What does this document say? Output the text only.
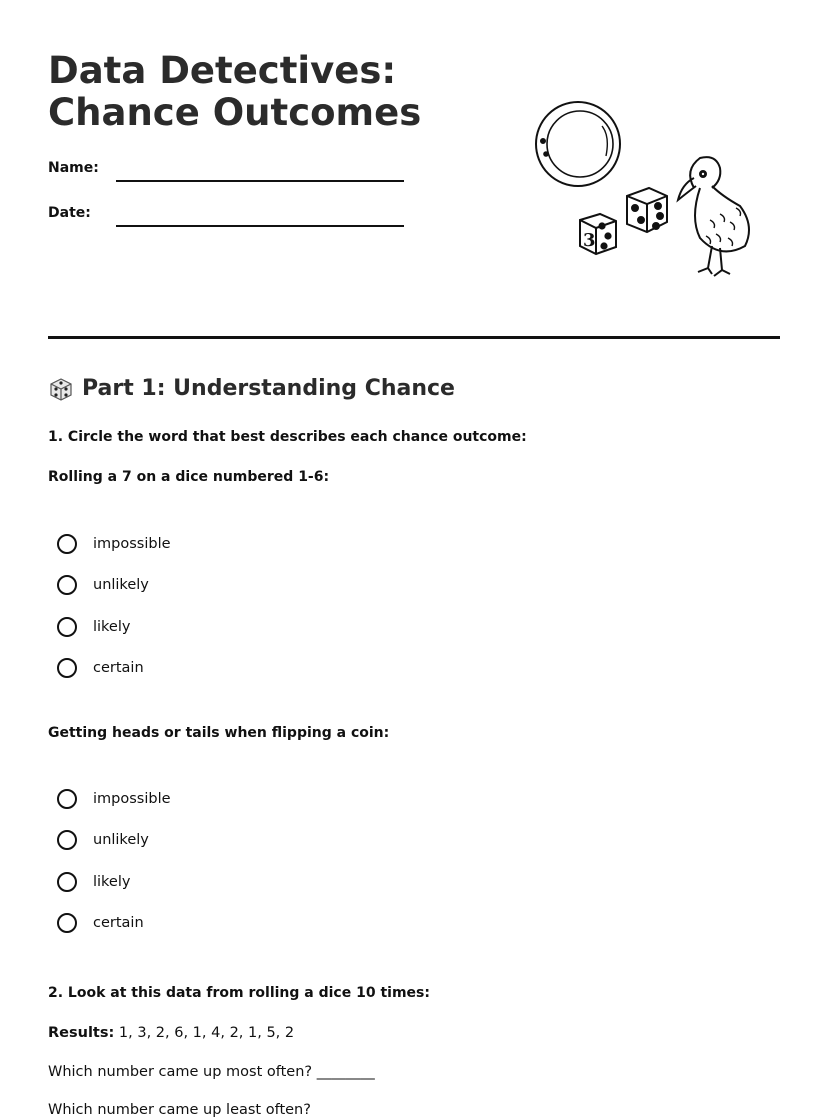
Data Detectives: Chance Outcomes
Name:
Date:
3
Part 1: Understanding Chance
1. Circle the word that best describes each chance outcome:
Rolling a 7 on a dice numbered 1-6:
impossible
unlikely
likely
certain
Getting heads or tails when flipping a coin:
impossible
unlikely
likely
certain
2. Look at this data from rolling a dice 10 times:
Results: 1, 3, 2, 6, 1, 4, 2, 1, 5, 2
Which number came up most often? ________
Which number came up least often?
